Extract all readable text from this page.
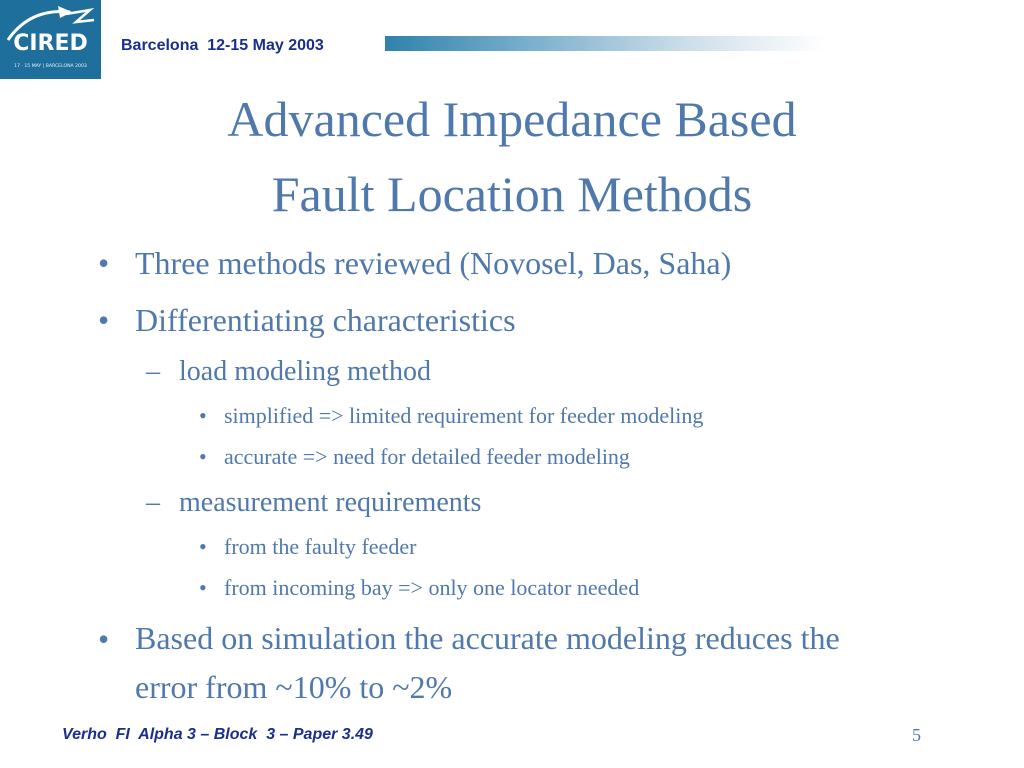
CIRED
17 · 15 MAY | BARCELONA 2003
Barcelona  12-15 May 2003
Advanced Impedance Based
Fault Location Methods
• Three methods reviewed (Novosel, Das, Saha)
• Differentiating characteristics
– load modeling method
• simplified => limited requirement for feeder modeling
• accurate => need for detailed feeder modeling
– measurement requirements
• from the faulty feeder
• from incoming bay => only one locator needed
• Based on simulation the accurate modeling reduces the error from ~10% to ~2%
Verho  FI  Alpha 3 – Block  3 – Paper 3.49	5
